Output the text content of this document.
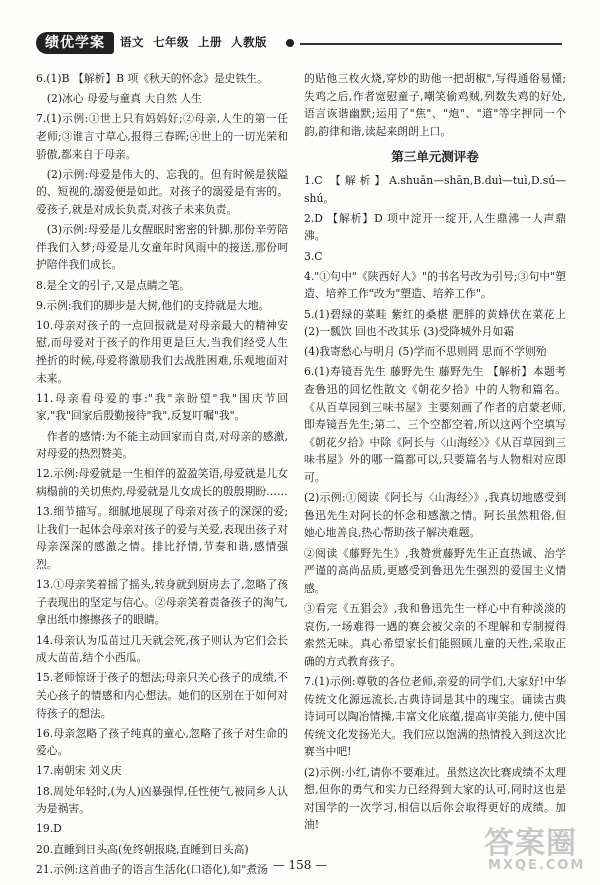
绩优学案	语文  七年级  上册  人教版

6.(1)B 【解析】B 项《秋天的怀念》是史铁生。

(2)冰心 母爱与童真 大自然 人生

7.(1)示例:①世上只有妈妈好;②母亲,人生的第一任老师;③谁言寸草心,报得三春晖;④世上的一切光荣和骄傲,都来自于母亲。

(2)示例:母爱是伟大的、忘我的。但有时候是狭隘的、短视的,溺爱便是如此。对孩子的溺爱是有害的。爱孩子,就是对成长负责,对孩子未来负责。

(3)示例:母爱是儿女醒眠时密密的针脚,那份辛劳陪伴我们入梦;母爱是儿女童年时风雨中的接送,那份呵护陪伴我们成长。

8.是全文的引子,又是点睛之笔。

9.示例:我们的脚步是大树,他们的支持就是大地。

10.母亲对孩子的一点回报就是对母亲最大的精神安慰,而母爱对于孩子的作用更是巨大,当我们经受人生挫折的时候,母爱将激励我们去战胜困难,乐观地面对未来。

11.母亲看母爱的事:"我"亲盼望"我"国庆节回家,"我"回家后殷勤接待"我",反复叮嘱"我"。

作者的感情:为不能主动回家而自责,对母亲的感激,对母爱的热烈赞美。

12.示例:母爱就是一生相伴的盈盈笑语,母爱就是儿女病榻前的关切焦灼,母爱就是儿女成长的殷殷期盼……

13.细节描写。细腻地展现了母亲对孩子的深深的爱;让我们一起体会母亲对孩子的爱与关爱,表现出孩子对母亲深深的感激之情。排比抒情,节奏和谐,感情强烈。

13.①母亲笑着摇了摇头,转身就到厨房去了,忽略了孩子表现出的坚定与信心。②母亲笑着责备孩子的淘气,拿出纸巾擦擦孩子的眼睛。

14.母亲认为瓜苗过几天就会死,孩子则认为它们会长成大苗苗,结个小西瓜。

15.老师惊讶于孩子的想法;母亲只关心孩子的成绩,不关心孩子的情感和内心想法。她们的区别在于如何对待孩子的想法。

16.母亲忽略了孩子纯真的童心,忽略了孩子对生命的爱心。

17.南朝宋 刘义庆

18.周处年轻时,(为人)凶暴强悍,任性使气,被同乡人认为是祸害。

19.D

20.直睡到日头高(免终朝报晓,直睡到日头高)

21.示例:这首曲子的语言生活化(口语化),如"煮汤

的贴他三枚火烧,穿炒的助他一把胡椒",写得通俗易懂;失鸡之后,作者宽慰童子,嘲笑偷鸡贼,列数失鸡的好处,语言诙谐幽默;运用了"焦"、"炮"、"道"等字押同一个韵,韵律和谐,读起来朗朗上口。

第三单元测评卷

1.C 【解析】A.shuān—shān,B.duì—tuì,D.sú—shú。

2.D 【解析】D 项中淀开一绽开,人生鼎沸一人声鼎沸。

3.C

4."①句中"《陕西好人》"的书名号改为引号;③句中"塑造、培养工作"改为"塑造、培养工作"。

5.(1)碧绿的菜畦 紫红的桑椹 肥胖的黄蜂伏在菜花上 (2)一瓢饮 回也不改其乐 (3)受降城外月如霜

(4)我寄愁心与明月 (5)学而不思则罔 思而不学则殆

6.(1)寿镜吾先生 藤野先生 藤野先生 【解析】本题考查鲁迅的回忆性散文《朝花夕拾》中的人物和篇名。《从百草园到三味书屋》主要刻画了作者的启蒙老师,即寿镜吾先生;第二、三个空都空着,所以这两个空填写《朝花夕拾》中除《阿长与〈山海经〉》《从百草园到三味书屋》外的哪一篇都可以,只要篇名与人物相对应即可。

(2)示例:①阅读《阿长与〈山海经〉》,我真切地感受到鲁迅先生对阿长的怀念和感激之情。阿长虽然粗俗,但她心地善良,热心帮助孩子解决难题。

②阅读《藤野先生》,我赞赏藤野先生正直热诚、治学严谨的高尚品质,更感受到鲁迅先生强烈的爱国主义情感。

③看完《五猖会》,我和鲁迅先生一样心中有种淡淡的哀伤,一场难得一遇的赛会被父亲的不理解和专制搅得索然无味。真心希望家长们能照顾儿童的天性,采取正确的方式教育孩子。

7.(1)示例:尊敬的各位老师,亲爱的同学们,大家好!中华传统文化源远流长,古典诗词是其中的瑰宝。诵读古典诗词可以陶冶情操,丰富文化底蕴,提高审美能力,使中国传统文化发扬光大。我们应以饱满的热情投入到这次比赛当中吧!

(2)示例:小红,请你不要难过。虽然这次比赛成绩不太理想,但你的勇气和实力已经得到大家的认可,同时这也是对国学的一次学习,相信以后你会取得更好的成绩。加油!

— 158 —
答案圈
MXQE.COM
